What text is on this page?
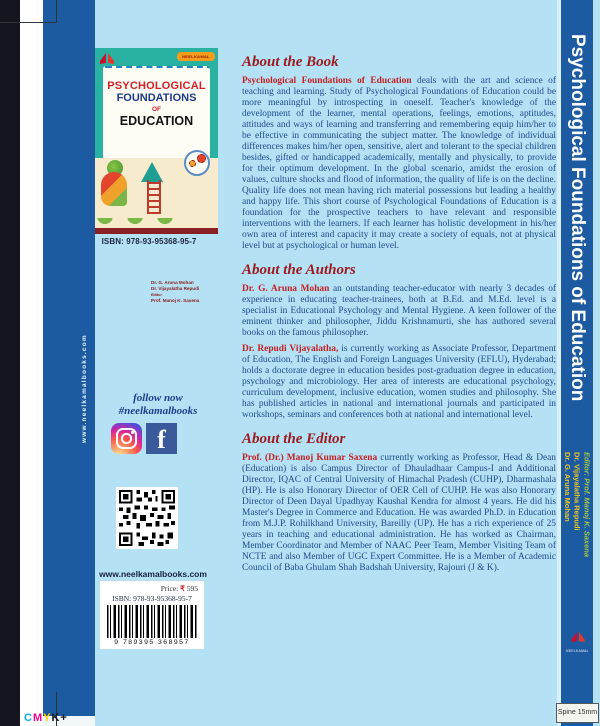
CMYK+
www.neelkamalbooks.com
NEELKAMAL
PSYCHOLOGICAL
FOUNDATIONS
OF
EDUCATION
Dr. G. Aruna Mohan
Dr. Vijayalatha Repudi
Editor
Prof. Manoj K. Saxena
ISBN: 978-93-95368-95-7
follow now
#neelkamalbooks
f
www.neelkamalbooks.com
Price: ₹ 595
ISBN: 978-93-95368-95-7
9 789395 368957
About the Book

Psychological Foundations of Education deals with the art and science of teaching and learning. Study of Psychological Foundations of Education could be more meaningful by introspecting in oneself. Teacher's knowledge of the development of the learner, mental operations, feelings, emotions, aptitudes, attitudes and ways of learning and transferring and remembering equip him/her to be effective in communicating the subject matter. The knowledge of individual differences makes him/her open, sensitive, alert and tolerant to the special children besides, gifted or handicapped academically, mentally and physically, to provide for their optimum development. In the global scenario, amidst the erosion of values, culture shocks and flood of information, the quality of life is on the decline. Quality life does not mean having rich material possessions but leading a healthy and happy life. This short course of Psychological Foundations of Education is a foundation for the prospective teachers to have relevant and responsible interventions with the learners. If each learner has holistic development in his/her own area of interest and capacity it may create a society of equals, not at physical level but at psychological or human level.

About the Authors

Dr. G. Aruna Mohan an outstanding teacher-educator with nearly 3 decades of experience in educating teacher-trainees, both at B.Ed. and M.Ed. level is a specialist in Educational Psychology and Mental Hygiene. A keen follower of the eminent thinker and philosopher, Jiddu Krishnamurti, she has authored several books on the famous philosopher.

Dr. Repudi Vijayalatha, is currently working as Associate Professor, Department of Education, The English and Foreign Languages University (EFLU), Hyderabad; holds a doctorate degree in education besides post-graduation degree in education, psychology and microbiology. Her area of interests are educational psychology, curriculum development, inclusive education, women studies and philosophy. She has published articles in national and international journals and participated in workshops, seminars and conferences both at national and international level.

About the Editor

Prof. (Dr.) Manoj Kumar Saxena currently working as Professor, Head & Dean (Education) is also Campus Director of Dhauladhaar Campus-I and Additional Director, IQAC of Central University of Himachal Pradesh (CUHP), Dharmashala (HP). He is also Honorary Director of OER Cell of CUHP. He was also Honorary Director of Deen Dayal Upadhyay Kaushal Kendra for almost 4 years. He did his Master's Degree in Commerce and Education. He was awarded Ph.D. in Education from M.J.P. Rohilkhand University, Bareilly (UP). He has a rich experience of 25 years in teaching and educational administration. He has worked as Chairman, Member Coordinator and Member of NAAC Peer Team, Member Visiting Team of NCTE and also Member of UGC Expert Committee. He is a Member of Academic Council of Baba Ghulam Shah Badshah University, Rajouri (J & K).

Psychological Foundations of Education
Dr. G. Aruna Mohan Dr. Vijayalatha Repudi Editor: Prof. Manoj K. Saxena
NEELKAMAL
Spine 15mm
